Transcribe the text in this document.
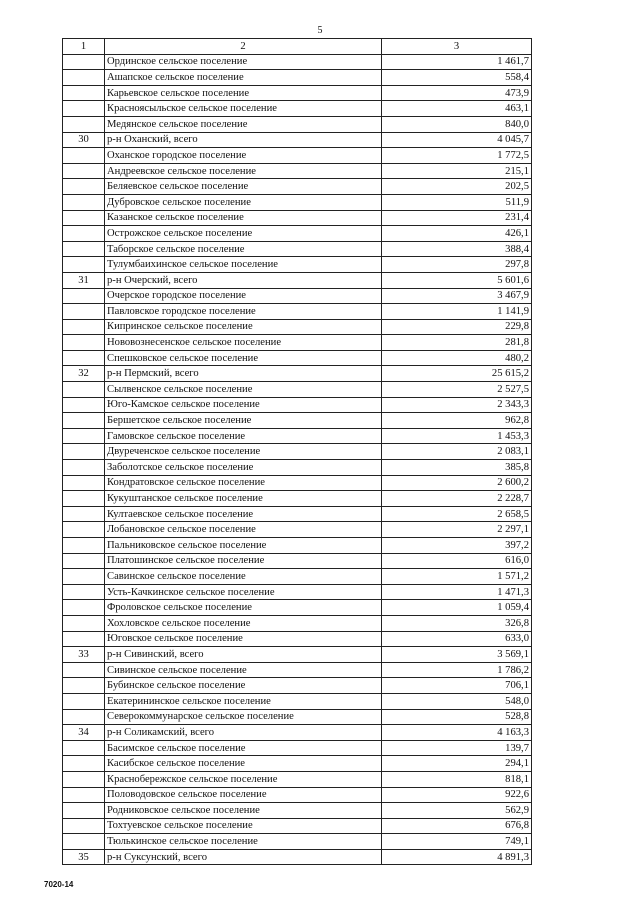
5
1	2	3
	Ординское сельское поселение	1 461,7
	Ашапское сельское поселение	558,4
	Карьевское сельское поселение	473,9
	Красноясыльское сельское поселение	463,1
	Медянское сельское поселение	840,0
30	р-н Оханский, всего	4 045,7
	Оханское городское поселение	1 772,5
	Андреевское сельское поселение	215,1
	Беляевское сельское поселение	202,5
	Дубровское сельское поселение	511,9
	Казанское сельское поселение	231,4
	Острожское сельское поселение	426,1
	Таборское сельское поселение	388,4
	Тулумбаихинское сельское поселение	297,8
31	р-н Очерский, всего	5 601,6
	Очерское городское поселение	3 467,9
	Павловское городское поселение	1 141,9
	Кипринское сельское поселение	229,8
	Нововознесенское сельское поселение	281,8
	Спешковское сельское поселение	480,2
32	р-н Пермский, всего	25 615,2
	Сылвенское сельское поселение	2 527,5
	Юго-Камское сельское поселение	2 343,3
	Бершетское сельское поселение	962,8
	Гамовское сельское поселение	1 453,3
	Двуреченское сельское поселение	2 083,1
	Заболотское сельское поселение	385,8
	Кондратовское сельское поселение	2 600,2
	Кукуштанское сельское поселение	2 228,7
	Култаевское сельское поселение	2 658,5
	Лобановское сельское поселение	2 297,1
	Пальниковское сельское поселение	397,2
	Платошинское сельское поселение	616,0
	Савинское сельское поселение	1 571,2
	Усть-Качкинское сельское поселение	1 471,3
	Фроловское сельское поселение	1 059,4
	Хохловское сельское поселение	326,8
	Юговское сельское поселение	633,0
33	р-н Сивинский, всего	3 569,1
	Сивинское сельское поселение	1 786,2
	Бубинское сельское поселение	706,1
	Екатерининское сельское поселение	548,0
	Северокоммунарское сельское поселение	528,8
34	р-н Соликамский, всего	4 163,3
	Басимское сельское поселение	139,7
	Касибское сельское поселение	294,1
	Краснобережское сельское поселение	818,1
	Половодовское сельское поселение	922,6
	Родниковское сельское поселение	562,9
	Тохтуевское сельское поселение	676,8
	Тюлькинское сельское поселение	749,1
35	р-н Суксунский, всего	4 891,3
7020-14
